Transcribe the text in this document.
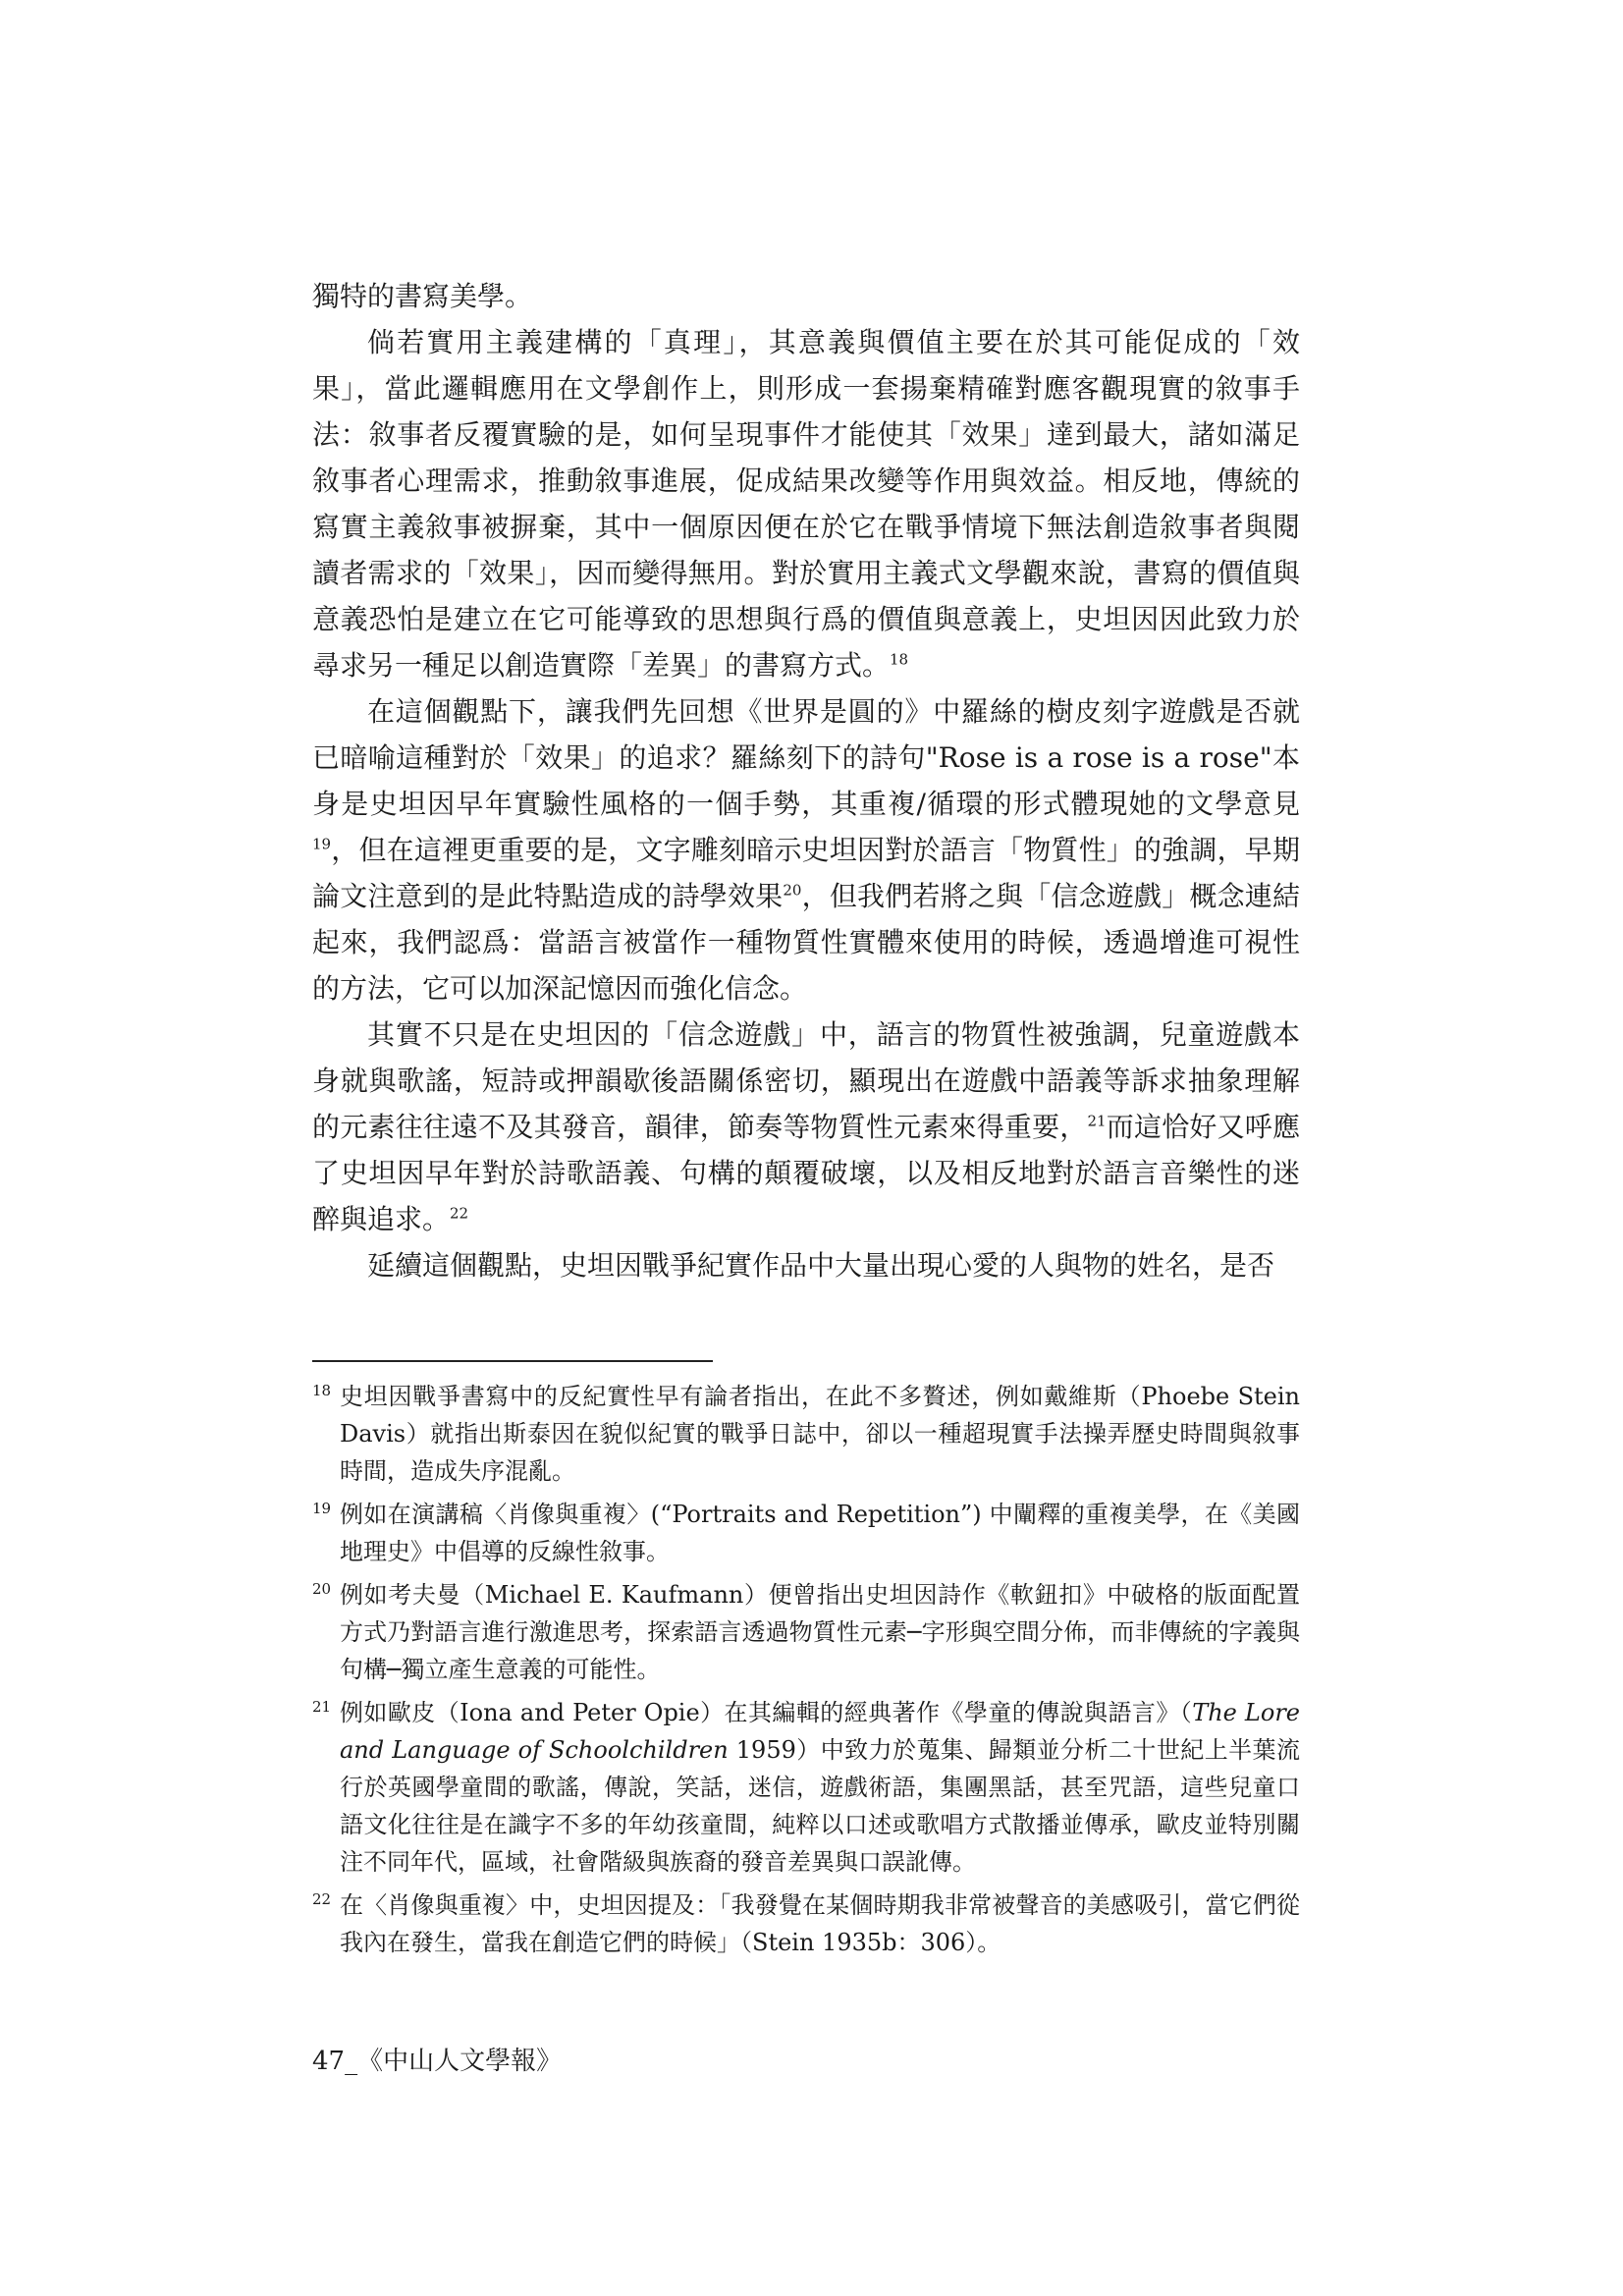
獨特的書寫美學。

倘若實用主義建構的「真理」，其意義與價值主要在於其可能促成的「效果」，當此邏輯應用在文學創作上，則形成一套揚棄精確對應客觀現實的敘事手法：敘事者反覆實驗的是，如何呈現事件才能使其「效果」達到最大，諸如滿足敘事者心理需求，推動敘事進展，促成結果改變等作用與效益。相反地，傳統的寫實主義敘事被摒棄，其中一個原因便在於它在戰爭情境下無法創造敘事者與閱讀者需求的「效果」，因而變得無用。對於實用主義式文學觀來說，書寫的價值與意義恐怕是建立在它可能導致的思想與行爲的價值與意義上，史坦因因此致力於尋求另一種足以創造實際「差異」的書寫方式。$^{18}$

在這個觀點下，讓我們先回想《世界是圓的》中羅絲的樹皮刻字遊戲是否就已暗喻這種對於「效果」的追求？羅絲刻下的詩句"Rose is a rose is a rose"本身是史坦因早年實驗性風格的一個手勢，其重複/循環的形式體現她的文學意見$^{19}$，但在這裡更重要的是，文字雕刻暗示史坦因對於語言「物質性」的強調，早期論文注意到的是此特點造成的詩學效果$^{20}$，但我們若將之與「信念遊戲」概念連結起來，我們認爲：當語言被當作一種物質性實體來使用的時候，透過增進可視性的方法，它可以加深記憶因而強化信念。

其實不只是在史坦因的「信念遊戲」中，語言的物質性被強調，兒童遊戲本身就與歌謠，短詩或押韻歇後語關係密切，顯現出在遊戲中語義等訴求抽象理解的元素往往遠不及其發音，韻律，節奏等物質性元素來得重要，$^{21}$而這恰好又呼應了史坦因早年對於詩歌語義、句構的顛覆破壞，以及相反地對於語言音樂性的迷醉與追求。$^{22}$

延續這個觀點，史坦因戰爭紀實作品中大量出現心愛的人與物的姓名，是否

18 史坦因戰爭書寫中的反紀實性早有論者指出，在此不多贅述，例如戴維斯（Phoebe Stein Davis）就指出斯泰因在貌似紀實的戰爭日誌中，卻以一種超現實手法操弄歷史時間與敘事時間，造成失序混亂。

19 例如在演講稿〈肖像與重複〉(“Portraits and Repetition”) 中闡釋的重複美學，在《美國地理史》中倡導的反線性敘事。

20 例如考夫曼（Michael E. Kaufmann）便曾指出史坦因詩作《軟鈕扣》中破格的版面配置方式乃對語言進行激進思考，探索語言透過物質性元素─字形與空間分佈，而非傳統的字義與句構─獨立產生意義的可能性。

21 例如歐皮（Iona and Peter Opie）在其編輯的經典著作《學童的傳說與語言》（The Lore and Language of Schoolchildren 1959）中致力於蒐集、歸類並分析二十世紀上半葉流行於英國學童間的歌謠，傳說，笑話，迷信，遊戲術語，集團黑話，甚至咒語，這些兒童口語文化往往是在識字不多的年幼孩童間，純粹以口述或歌唱方式散播並傳承，歐皮並特別關注不同年代，區域，社會階級與族裔的發音差異與口誤訛傳。

22 在〈肖像與重複〉中，史坦因提及：「我發覺在某個時期我非常被聲音的美感吸引，當它們從我內在發生，當我在創造它們的時候」（Stein 1935b：306）。

47_《中山人文學報》
